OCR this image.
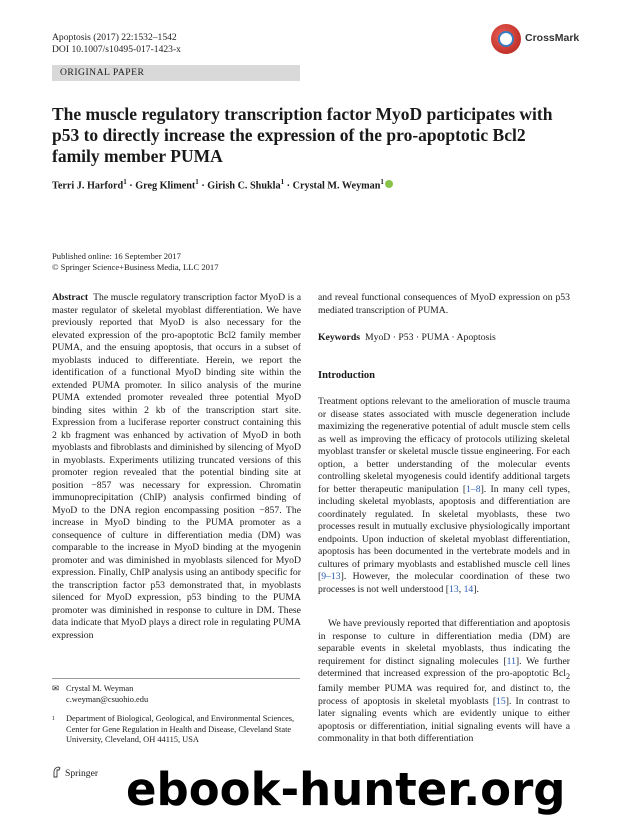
Apoptosis (2017) 22:1532–1542
DOI 10.1007/s10495-017-1423-x
CrossMark
ORIGINAL PAPER
The muscle regulatory transcription factor MyoD participates with p53 to directly increase the expression of the pro-apoptotic Bcl2 family member PUMA
Terri J. Harford$^1$ · Greg Kliment$^1$ · Girish C. Shukla$^1$ · Crystal M. Weyman$^1$
Published online: 16 September 2017
© Springer Science+Business Media, LLC 2017
Abstract The muscle regulatory transcription factor MyoD is a master regulator of skeletal myoblast differentiation. We have previously reported that MyoD is also necessary for the elevated expression of the pro-apoptotic Bcl2 family member PUMA, and the ensuing apoptosis, that occurs in a subset of myoblasts induced to differentiate. Herein, we report the identification of a functional MyoD binding site within the extended PUMA promoter. In silico analysis of the murine PUMA extended promoter revealed three potential MyoD binding sites within 2 kb of the transcription start site. Expression from a luciferase reporter construct containing this 2 kb fragment was enhanced by activation of MyoD in both myoblasts and fibroblasts and diminished by silencing of MyoD in myoblasts. Experiments utilizing truncated versions of this promoter region revealed that the potential binding site at position −857 was necessary for expression. Chromatin immunoprecipitation (ChIP) analysis confirmed binding of MyoD to the DNA region encompassing position −857. The increase in MyoD binding to the PUMA promoter as a consequence of culture in differentiation media (DM) was comparable to the increase in MyoD binding at the myogenin promoter and was diminished in myoblasts silenced for MyoD expression. Finally, ChIP analysis using an antibody specific for the transcription factor p53 demonstrated that, in myoblasts silenced for MyoD expression, p53 binding to the PUMA promoter was diminished in response to culture in DM. These data indicate that MyoD plays a direct role in regulating PUMA expression
and reveal functional consequences of MyoD expression on p53 mediated transcription of PUMA.
Keywords MyoD · P53 · PUMA · Apoptosis
Introduction
Treatment options relevant to the amelioration of muscle trauma or disease states associated with muscle degeneration include maximizing the regenerative potential of adult muscle stem cells as well as improving the efficacy of protocols utilizing skeletal myoblast transfer or skeletal muscle tissue engineering. For each option, a better understanding of the molecular events controlling skeletal myogenesis could identify additional targets for better therapeutic manipulation [1–8]. In many cell types, including skeletal myoblasts, apoptosis and differentiation are coordinately regulated. In skeletal myoblasts, these two processes result in mutually exclusive physiologically important endpoints. Upon induction of skeletal myoblast differentiation, apoptosis has been documented in the vertebrate models and in cultures of primary myoblasts and established muscle cell lines [9–13]. However, the molecular coordination of these two processes is not well understood [13, 14].
We have previously reported that differentiation and apoptosis in response to culture in differentiation media (DM) are separable events in skeletal myoblasts, thus indicating the requirement for distinct signaling molecules [11]. We further determined that increased expression of the pro-apoptotic Bcl$_2$ family member PUMA was required for, and distinct to, the process of apoptosis in skeletal myoblasts [15]. In contrast to later signaling events which are evidently unique to either apoptosis or differentiation, initial signaling events will have a commonality in that both differentiation
✉ Crystal M. Weyman
c.weyman@csuohio.edu
1 Department of Biological, Geological, and Environmental Sciences, Center for Gene Regulation in Health and Disease, Cleveland State University, Cleveland, OH 44115, USA
Springer ebook-hunter.org
